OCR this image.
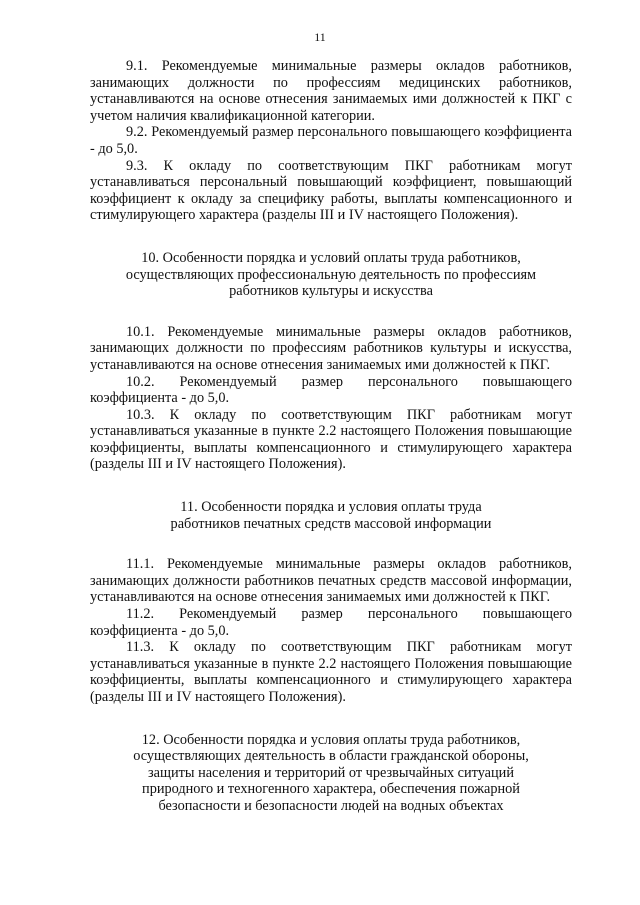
11

9.1. Рекомендуемые минимальные размеры окладов работников, занимающих должности по профессиям медицинских работников, устанавливаются на основе отнесения занимаемых ими должностей к ПКГ с учетом наличия квалификационной категории.

9.2. Рекомендуемый размер персонального повышающего коэффициента - до 5,0.

9.3. К окладу по соответствующим ПКГ работникам могут устанавливаться персональный повышающий коэффициент, повышающий коэффициент к окладу за специфику работы, выплаты компенсационного и стимулирующего характера (разделы III и IV настоящего Положения).

10. Особенности порядка и условий оплаты труда работников,
осуществляющих профессиональную деятельность по профессиям
работников культуры и искусства

10.1. Рекомендуемые минимальные размеры окладов работников, занимающих должности по профессиям работников культуры и искусства, устанавливаются на основе отнесения занимаемых ими должностей к ПКГ.

10.2. Рекомендуемый размер персонального повышающего коэффициента - до 5,0.

10.3. К окладу по соответствующим ПКГ работникам могут устанавливаться указанные в пункте 2.2 настоящего Положения повышающие коэффициенты, выплаты компенсационного и стимулирующего характера (разделы III и IV настоящего Положения).

11. Особенности порядка и условия оплаты труда
работников печатных средств массовой информации

11.1. Рекомендуемые минимальные размеры окладов работников, занимающих должности работников печатных средств массовой информации, устанавливаются на основе отнесения занимаемых ими должностей к ПКГ.

11.2. Рекомендуемый размер персонального повышающего коэффициента - до 5,0.

11.3. К окладу по соответствующим ПКГ работникам могут устанавливаться указанные в пункте 2.2 настоящего Положения повышающие коэффициенты, выплаты компенсационного и стимулирующего характера (разделы III и IV настоящего Положения).

12. Особенности порядка и условия оплаты труда работников,
осуществляющих деятельность в области гражданской обороны,
защиты населения и территорий от чрезвычайных ситуаций
природного и техногенного характера, обеспечения пожарной
безопасности и безопасности людей на водных объектах
